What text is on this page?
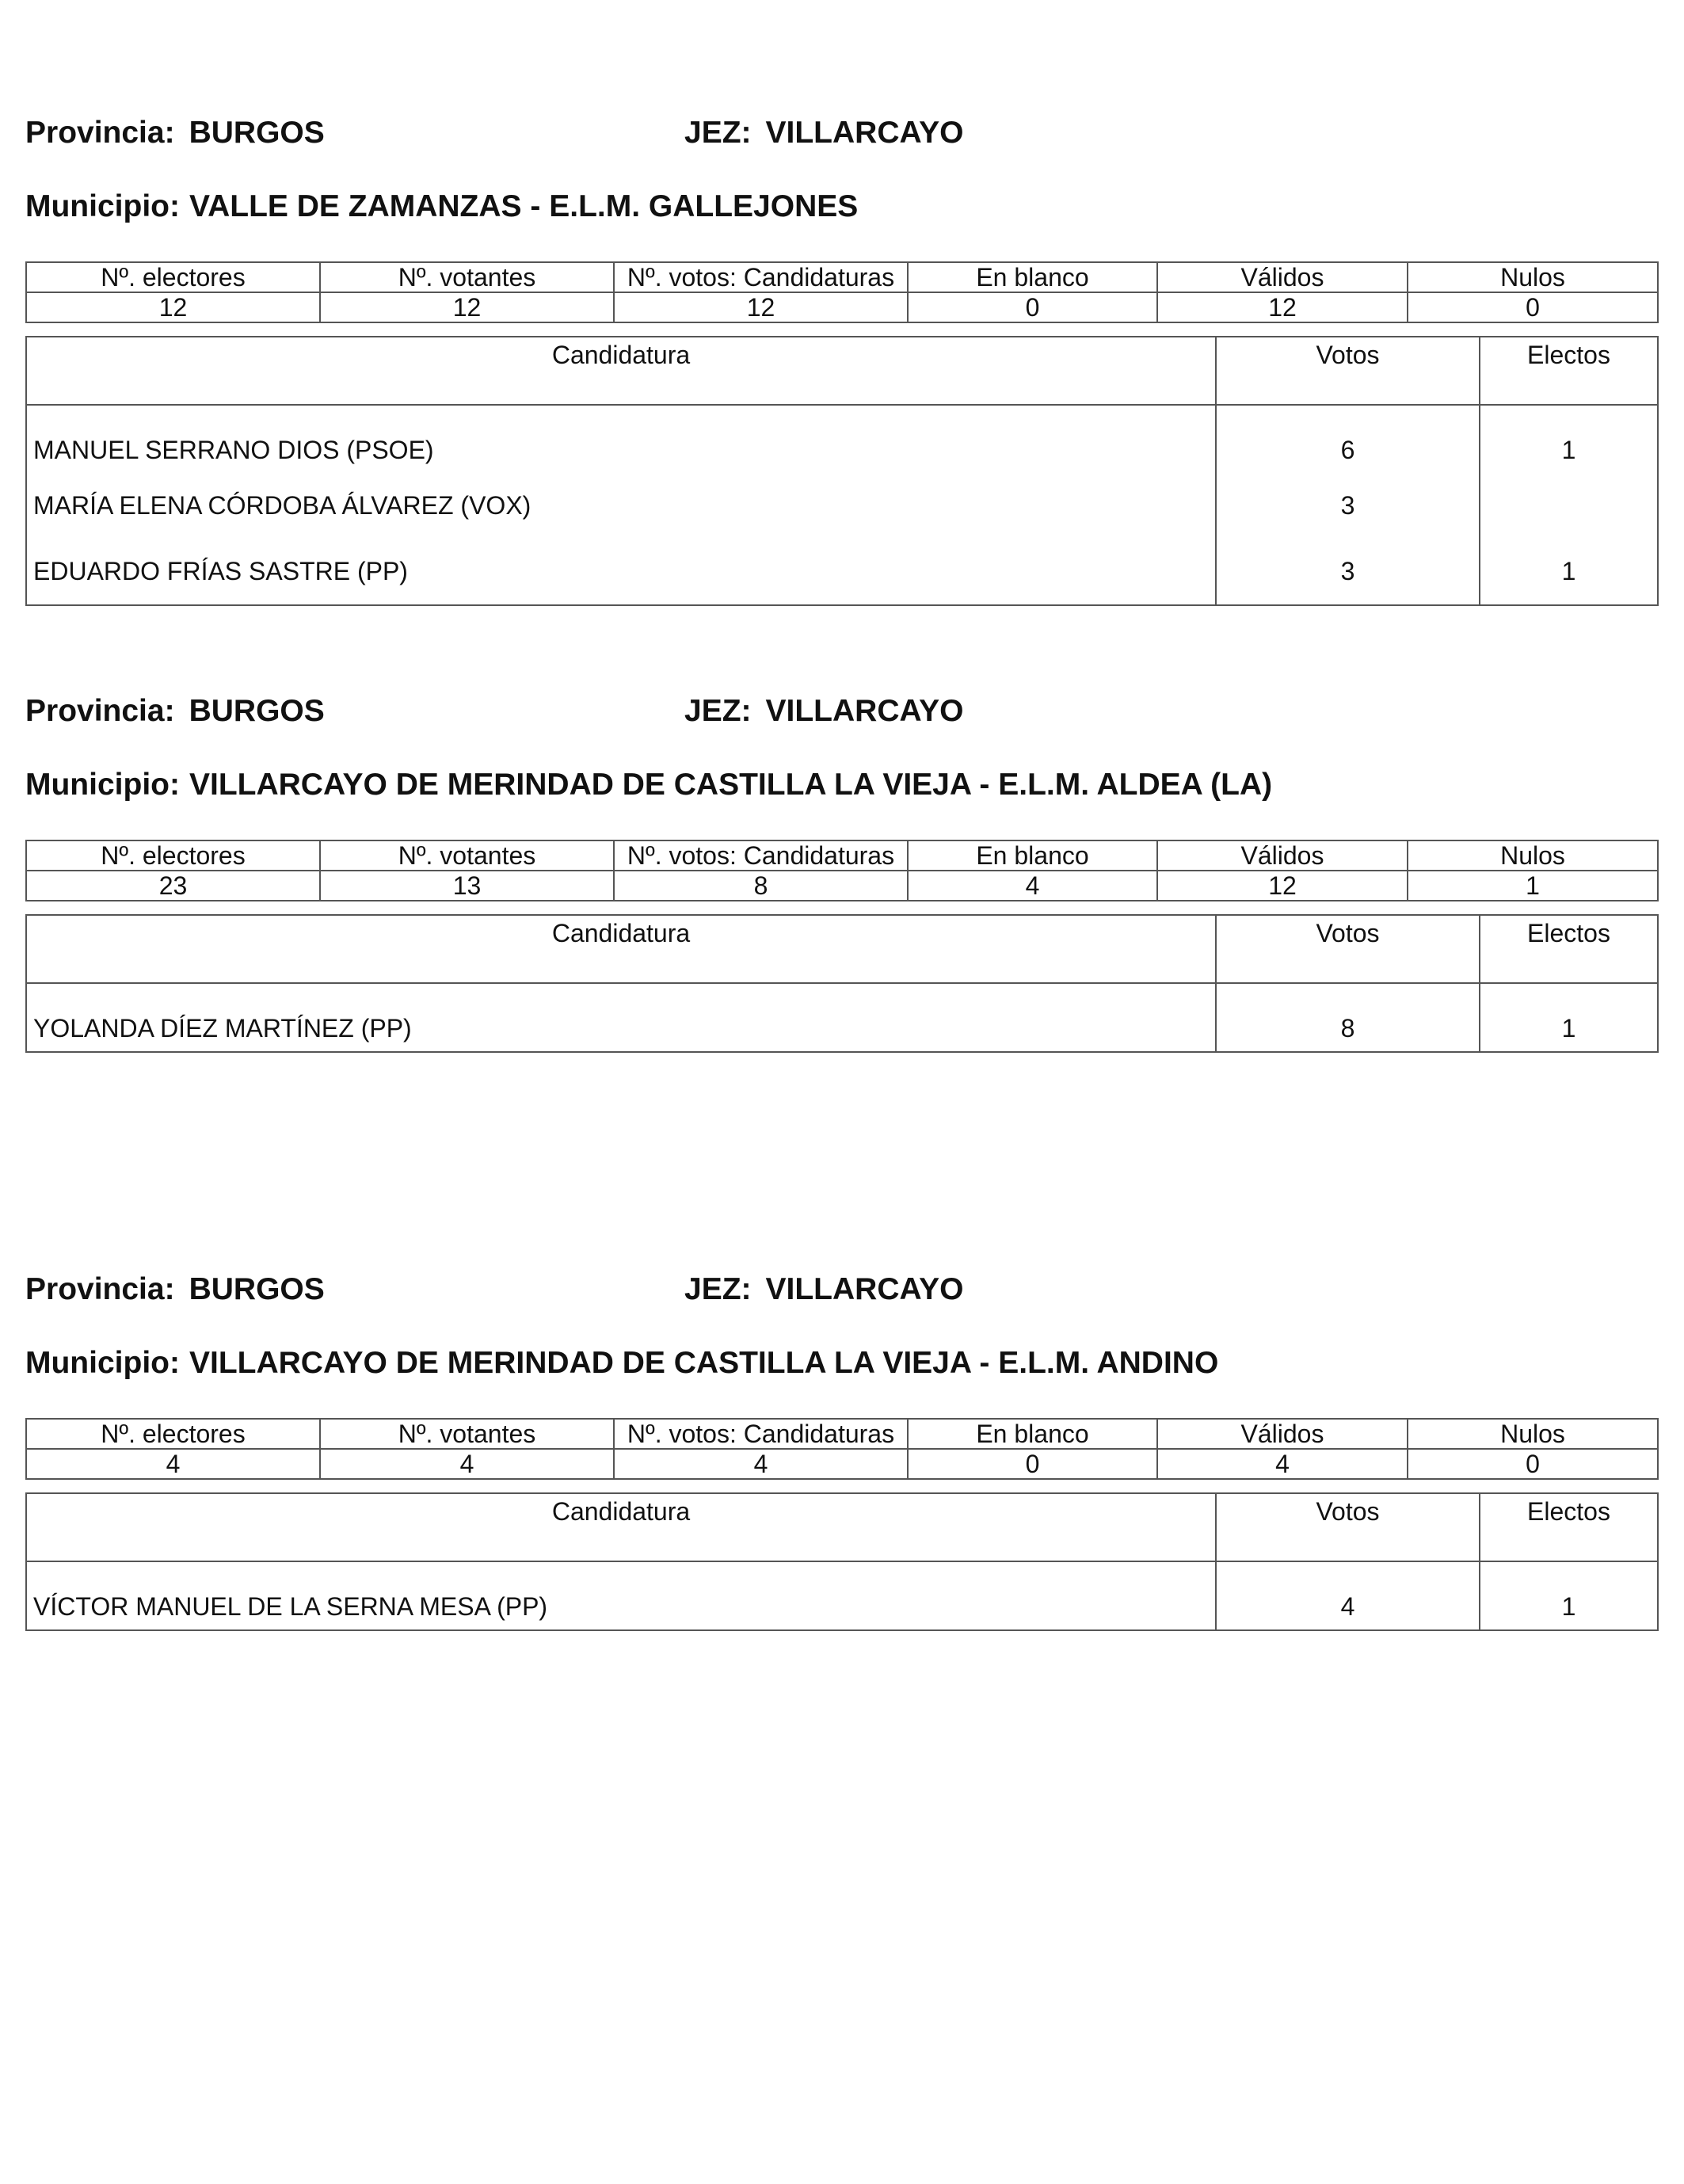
Provincia: BURGOS	JEZ: VILLARCAYO
Municipio: VALLE DE ZAMANZAS - E.L.M. GALLEJONES
Nº. electores	Nº. votantes	Nº. votos: Candidaturas	En blanco	Válidos	Nulos
12	12	12	0	12	0
Candidatura	Votos	Electos
MANUEL SERRANO DIOS (PSOE)	6	1
MARÍA ELENA CÓRDOBA ÁLVAREZ (VOX)	3	
EDUARDO FRÍAS SASTRE (PP)	3	1
Provincia: BURGOS	JEZ: VILLARCAYO
Municipio: VILLARCAYO DE MERINDAD DE CASTILLA LA VIEJA - E.L.M. ALDEA (LA)
Nº. electores	Nº. votantes	Nº. votos: Candidaturas	En blanco	Válidos	Nulos
23	13	8	4	12	1
Candidatura	Votos	Electos
YOLANDA DÍEZ MARTÍNEZ (PP)	8	1
Provincia: BURGOS	JEZ: VILLARCAYO
Municipio: VILLARCAYO DE MERINDAD DE CASTILLA LA VIEJA - E.L.M. ANDINO
Nº. electores	Nº. votantes	Nº. votos: Candidaturas	En blanco	Válidos	Nulos
4	4	4	0	4	0
Candidatura	Votos	Electos
VÍCTOR MANUEL DE LA SERNA MESA (PP)	4	1
